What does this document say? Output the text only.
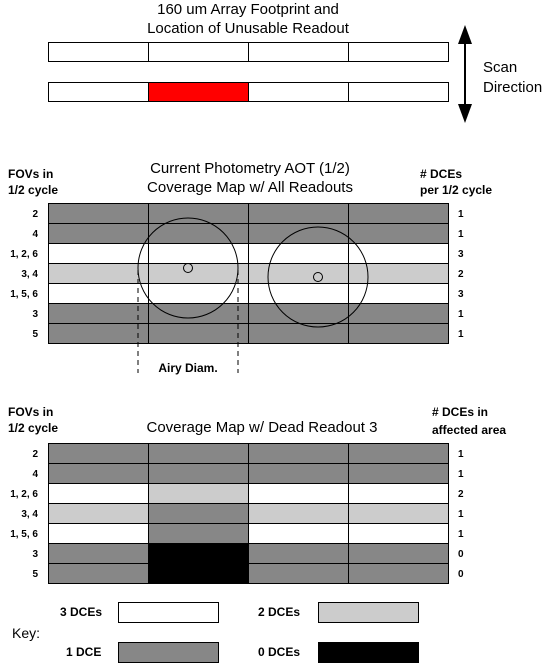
160 um Array Footprint and
Location of Unusable Readout
Scan
Direction
Current Photometry AOT (1/2)
Coverage Map w/ All Readouts
FOVs in
1/2 cycle
# DCEs
per 1/2 cycle
2	1
4	1
1, 2, 6	3
3, 4	2
1, 5, 6	3
3	1
5	1
Airy Diam.
Coverage Map w/ Dead Readout 3
FOVs in
1/2 cycle
# DCEs in
affected area
2	1
4	1
1, 2, 6	2
3, 4	1
1, 5, 6	1
3	0
5	0
Key:
3 DCEs	2 DCEs
1 DCE	0 DCEs
